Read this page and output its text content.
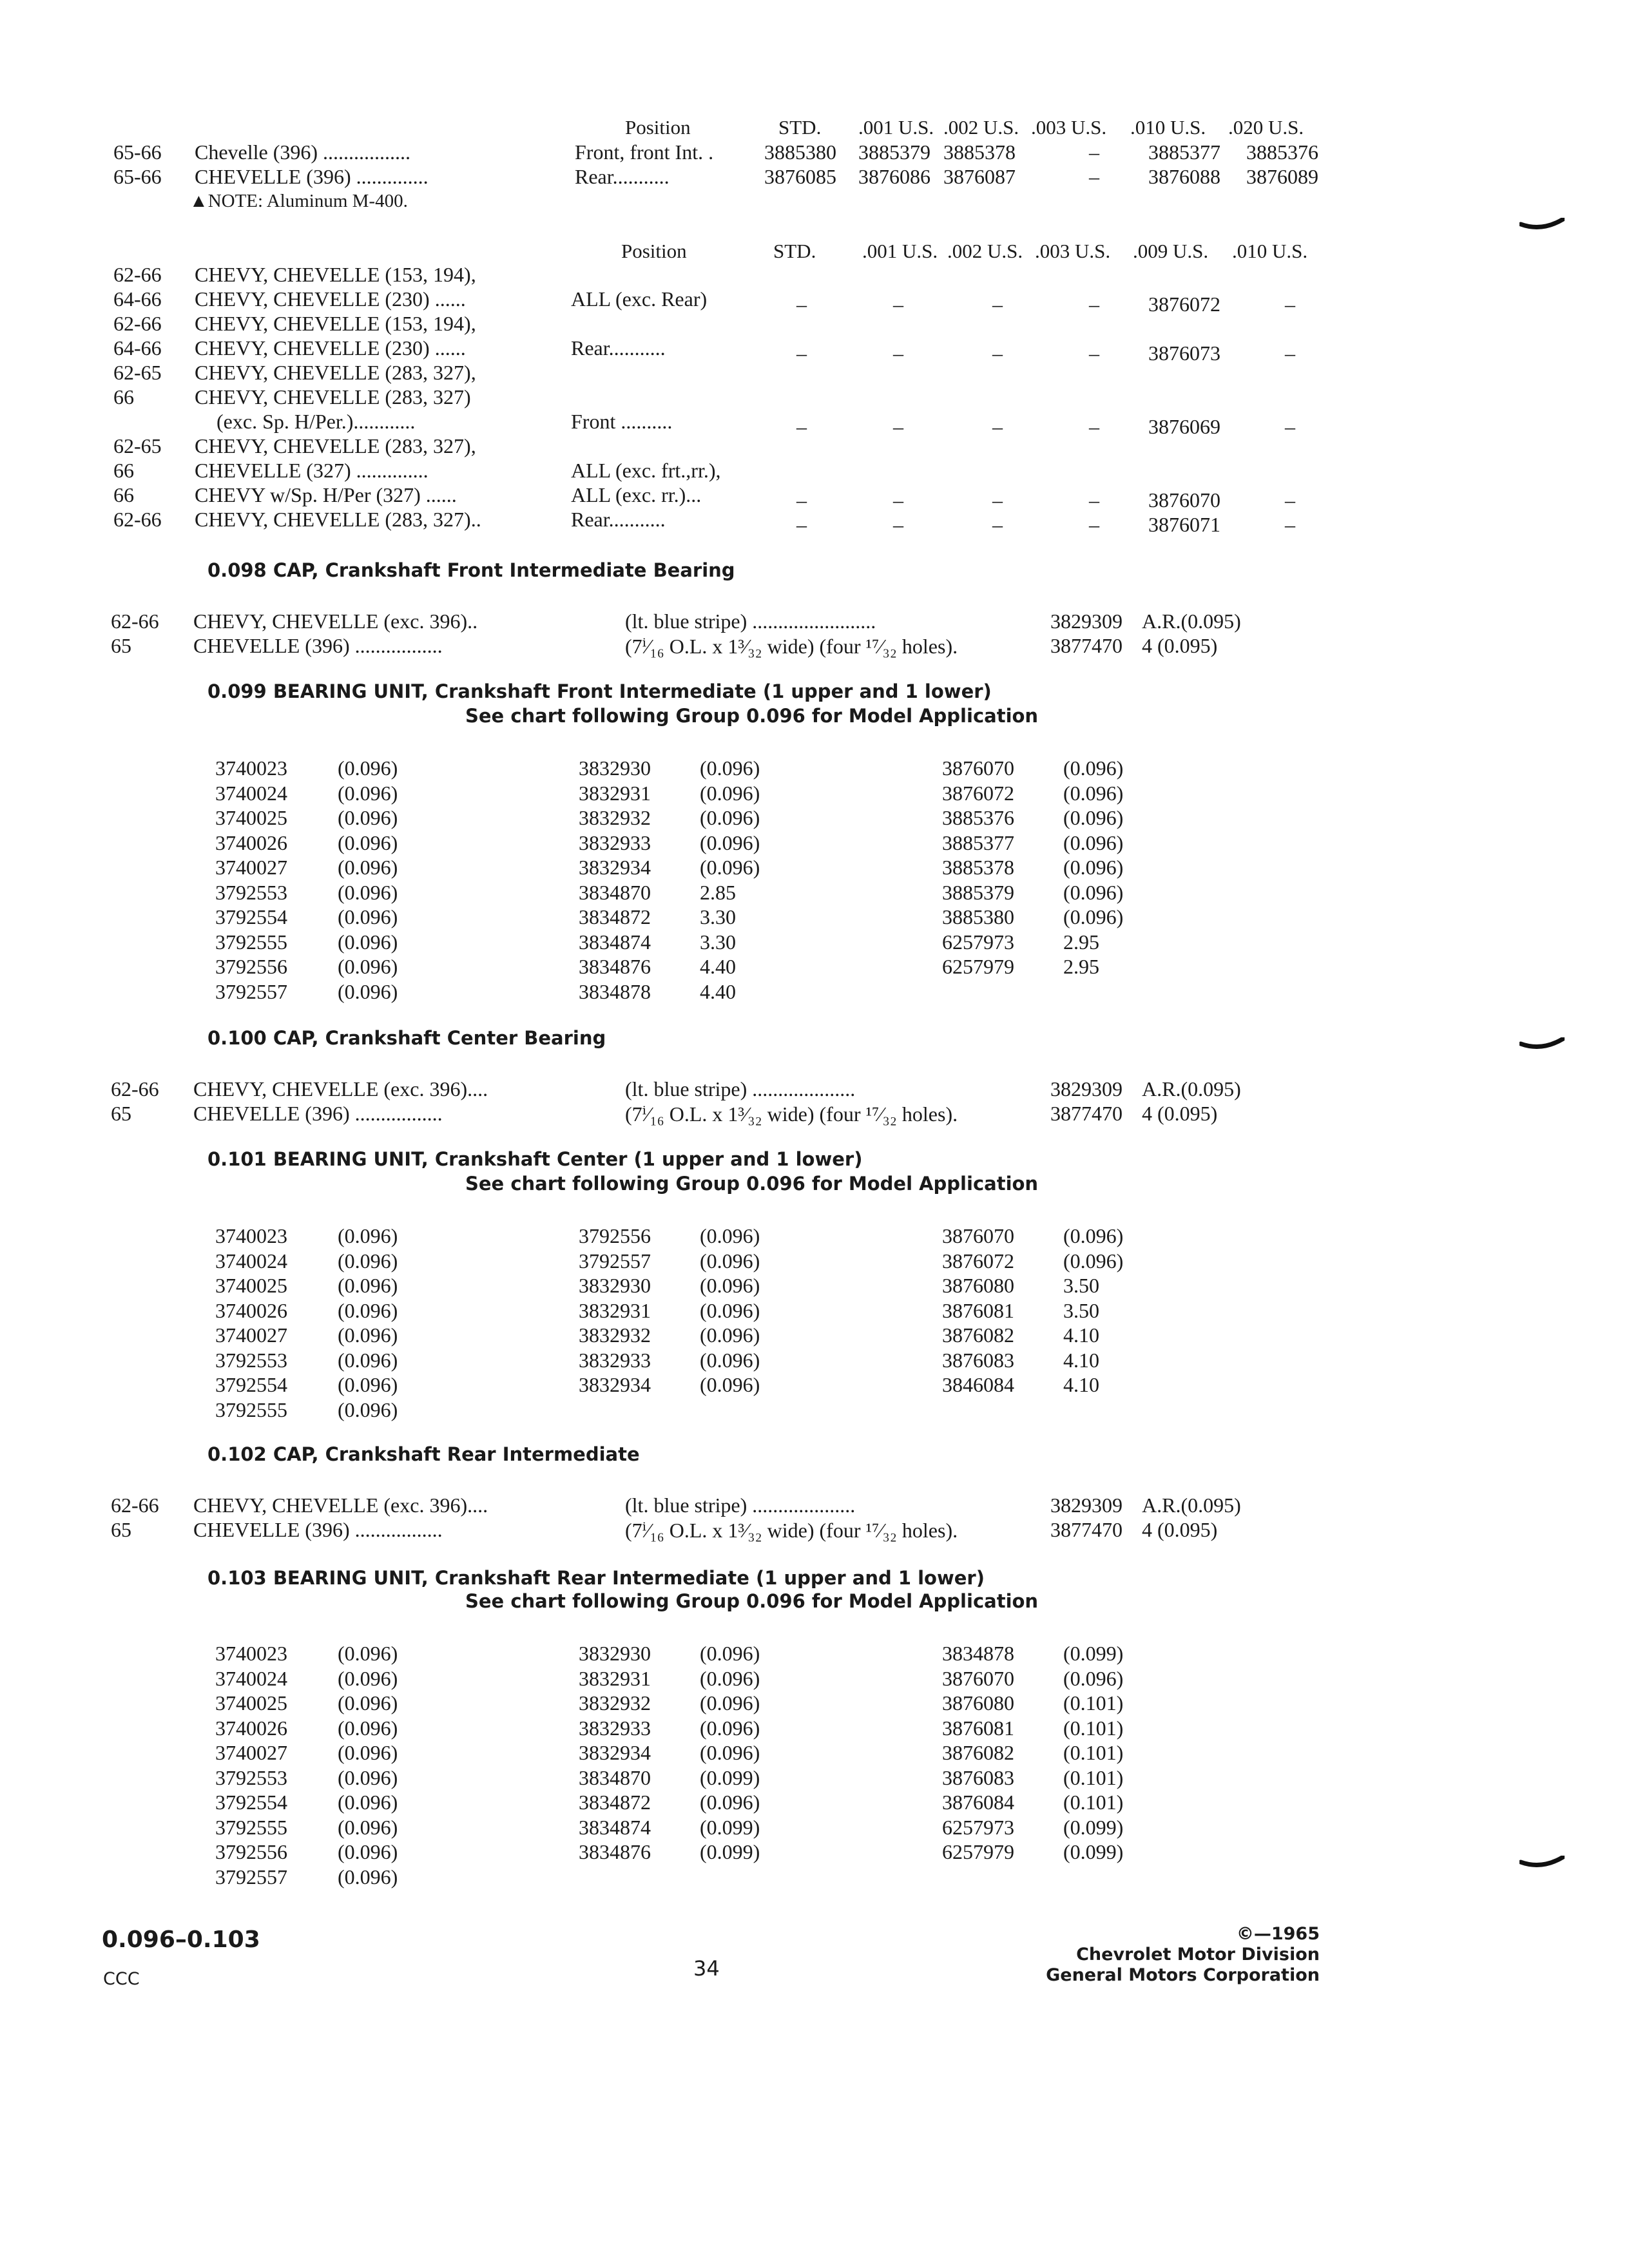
Position	STD. .001 U.S. .002 U.S. .003 U.S. .010 U.S. .020 U.S.
65-66 Chevelle (396) .................	Front, front Int. . 3885380 3885379 3885378	– 3885377 3885376
65-66 CHEVELLE (396) ..............	Rear...........	3876085 3876086 3876087	– 3876088 3876089
▲NOTE: Aluminum M-400.
Position	STD. .001 U.S. .002 U.S. .003 U.S. .009 U.S. .010 U.S.
62-66 CHEVY, CHEVELLE (153, 194),
64-66 CHEVY, CHEVELLE (230) ......	ALL (exc. Rear)	–	–	–	– 3876072	–
62-66 CHEVY, CHEVELLE (153, 194),
64-66 CHEVY, CHEVELLE (230) ......	Rear...........	–	–	–	– 3876073	–
62-65 CHEVY, CHEVELLE (283, 327),
66	CHEVY, CHEVELLE (283, 327)
(exc. Sp. H/Per.)............	Front ..........	–	–	–	– 3876069	–
62-65 CHEVY, CHEVELLE (283, 327),
66	CHEVELLE (327) ..............	ALL (exc. frt.,rr.),
66	CHEVY w/Sp. H/Per (327) ......	ALL (exc. rr.)...	–	–	–	– 3876070	–
62-66 CHEVY, CHEVELLE (283, 327)..	Rear...........	–	–	–	– 3876071	–
0.098 CAP, Crankshaft Front Intermediate Bearing
62-66 CHEVY, CHEVELLE (exc. 396)..	(lt. blue stripe) ........................	3829309 A.R.(0.095)
65	CHEVELLE (396) .................	(7ⁱ⁄₁₆ O.L. x 1³⁄₃₂ wide) (four ¹⁷⁄₃₂ holes).	3877470 4 (0.095)
0.099 BEARING UNIT, Crankshaft Front Intermediate (1 upper and 1 lower)
See chart following Group 0.096 for Model Application
3740023 (0.096)
3740024 (0.096)
3740025 (0.096)
3740026 (0.096)
3740027 (0.096)
3792553 (0.096)
3792554 (0.096)
3792555 (0.096)
3792556 (0.096)
3792557 (0.096)
3832930 (0.096)
3832931 (0.096)
3832932 (0.096)
3832933 (0.096)
3832934 (0.096)
3834870 2.85
3834872 3.30
3834874 3.30
3834876 4.40
3834878 4.40
3876070 (0.096)
3876072 (0.096)
3885376 (0.096)
3885377 (0.096)
3885378 (0.096)
3885379 (0.096)
3885380 (0.096)
6257973 2.95
6257979 2.95
0.100 CAP, Crankshaft Center Bearing
62-66 CHEVY, CHEVELLE (exc. 396)....	(lt. blue stripe) ....................	3829309 A.R.(0.095)
65	CHEVELLE (396) .................	(7ⁱ⁄₁₆ O.L. x 1³⁄₃₂ wide) (four ¹⁷⁄₃₂ holes).	3877470 4 (0.095)
0.101 BEARING UNIT, Crankshaft Center (1 upper and 1 lower)
See chart following Group 0.096 for Model Application
3740023 (0.096)
3740024 (0.096)
3740025 (0.096)
3740026 (0.096)
3740027 (0.096)
3792553 (0.096)
3792554 (0.096)
3792555 (0.096)
3792556 (0.096)
3792557 (0.096)
3832930 (0.096)
3832931 (0.096)
3832932 (0.096)
3832933 (0.096)
3832934 (0.096)
3876070 (0.096)
3876072 (0.096)
3876080 3.50
3876081 3.50
3876082 4.10
3876083 4.10
3846084 4.10
0.102 CAP, Crankshaft Rear Intermediate
62-66 CHEVY, CHEVELLE (exc. 396)....	(lt. blue stripe) ....................	3829309 A.R.(0.095)
65	CHEVELLE (396) .................	(7ⁱ⁄₁₆ O.L. x 1³⁄₃₂ wide) (four ¹⁷⁄₃₂ holes).	3877470 4 (0.095)
0.103 BEARING UNIT, Crankshaft Rear Intermediate (1 upper and 1 lower)
See chart following Group 0.096 for Model Application
3740023 (0.096)
3740024 (0.096)
3740025 (0.096)
3740026 (0.096)
3740027 (0.096)
3792553 (0.096)
3792554 (0.096)
3792555 (0.096)
3792556 (0.096)
3792557 (0.096)
3832930 (0.096)
3832931 (0.096)
3832932 (0.096)
3832933 (0.096)
3832934 (0.096)
3834870 (0.099)
3834872 (0.096)
3834874 (0.099)
3834876 (0.099)
3834878 (0.099)
3876070 (0.096)
3876080 (0.101)
3876081 (0.101)
3876082 (0.101)
3876083 (0.101)
3876084 (0.101)
6257973 (0.099)
6257979 (0.099)
0.096–0.103
CCC	34
©—1965
Chevrolet Motor Division
General Motors Corporation
